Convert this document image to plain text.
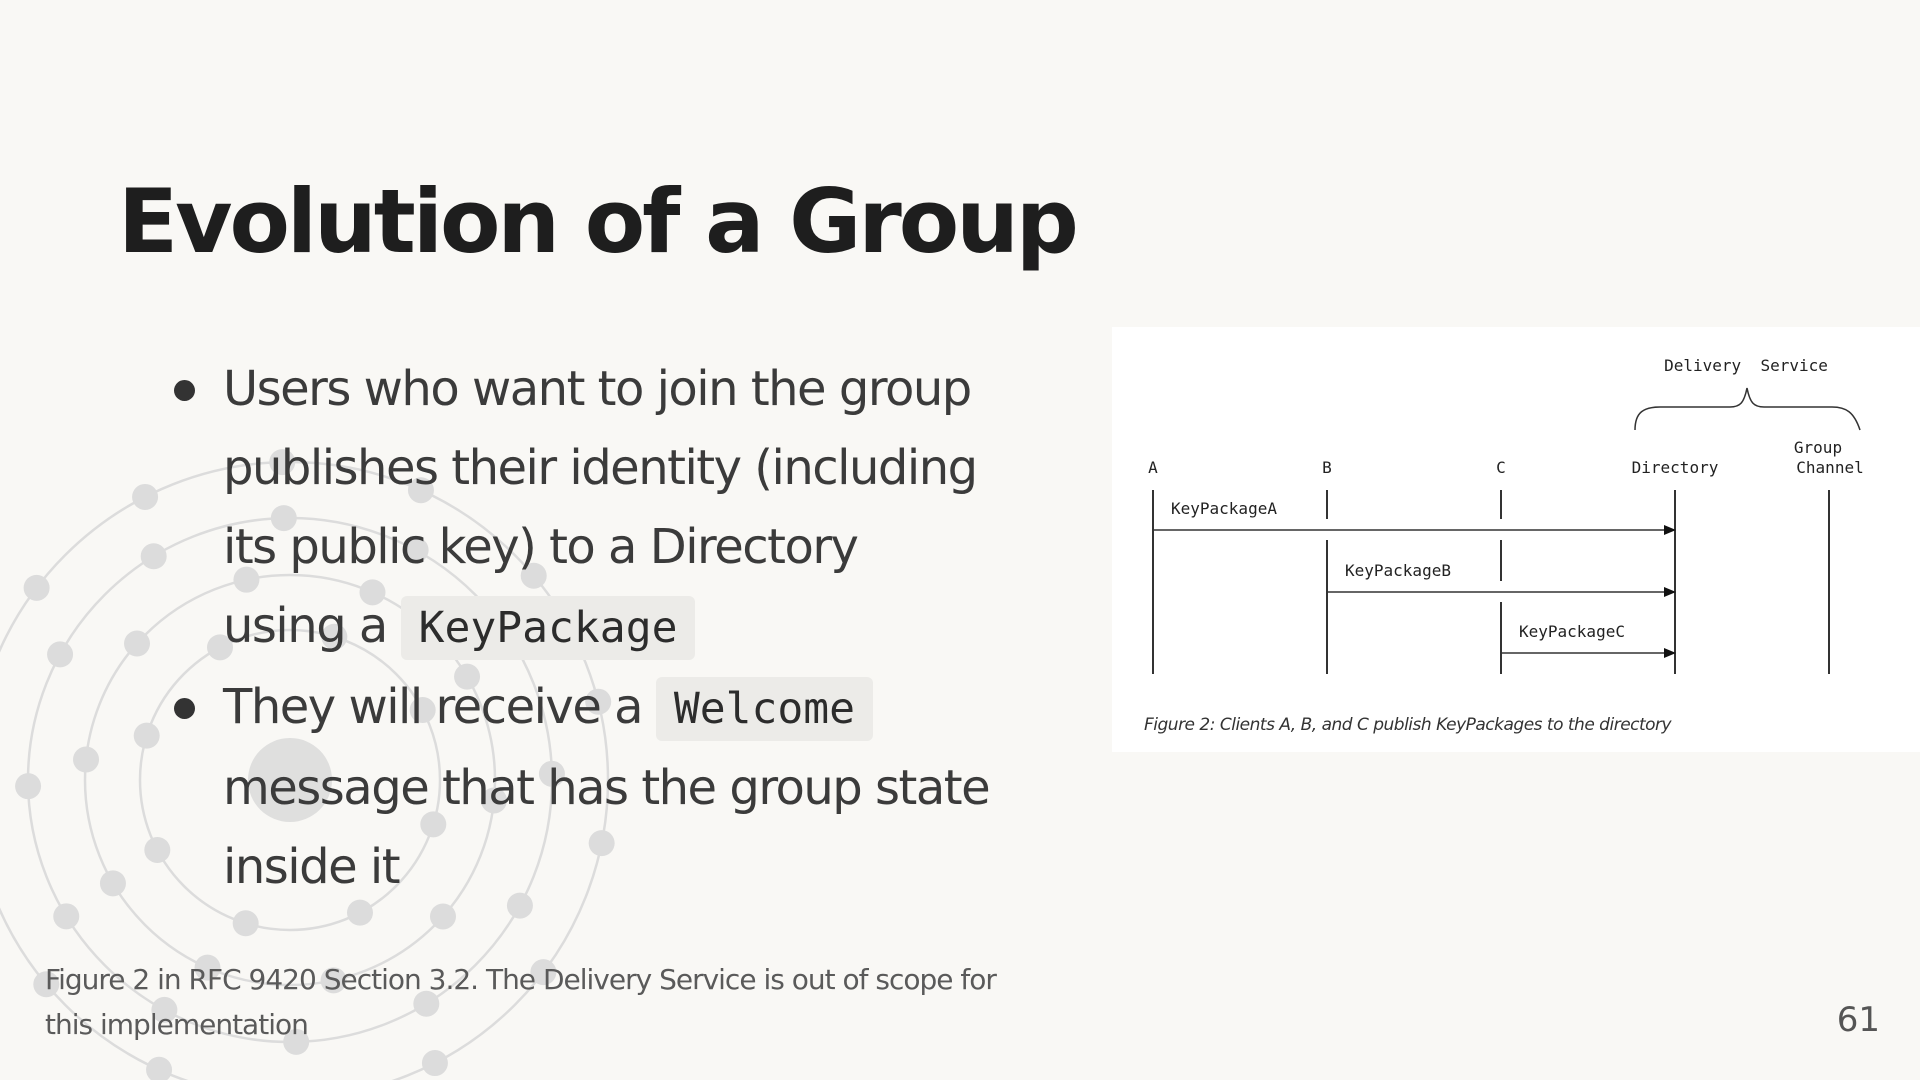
Evolution of a Group
Users who want to join the group publishes their identity (including its public key) to a Directory using a KeyPackage
They will receive a Welcome message that has the group state inside it
Delivery  Service
A	B	C	Directory
Group
Channel
KeyPackageA
KeyPackageB
KeyPackageC
Figure 2: Clients A, B, and C publish KeyPackages to the directory
Figure 2 in RFC 9420 Section 3.2. The Delivery Service is out of scope for this implementation	61
